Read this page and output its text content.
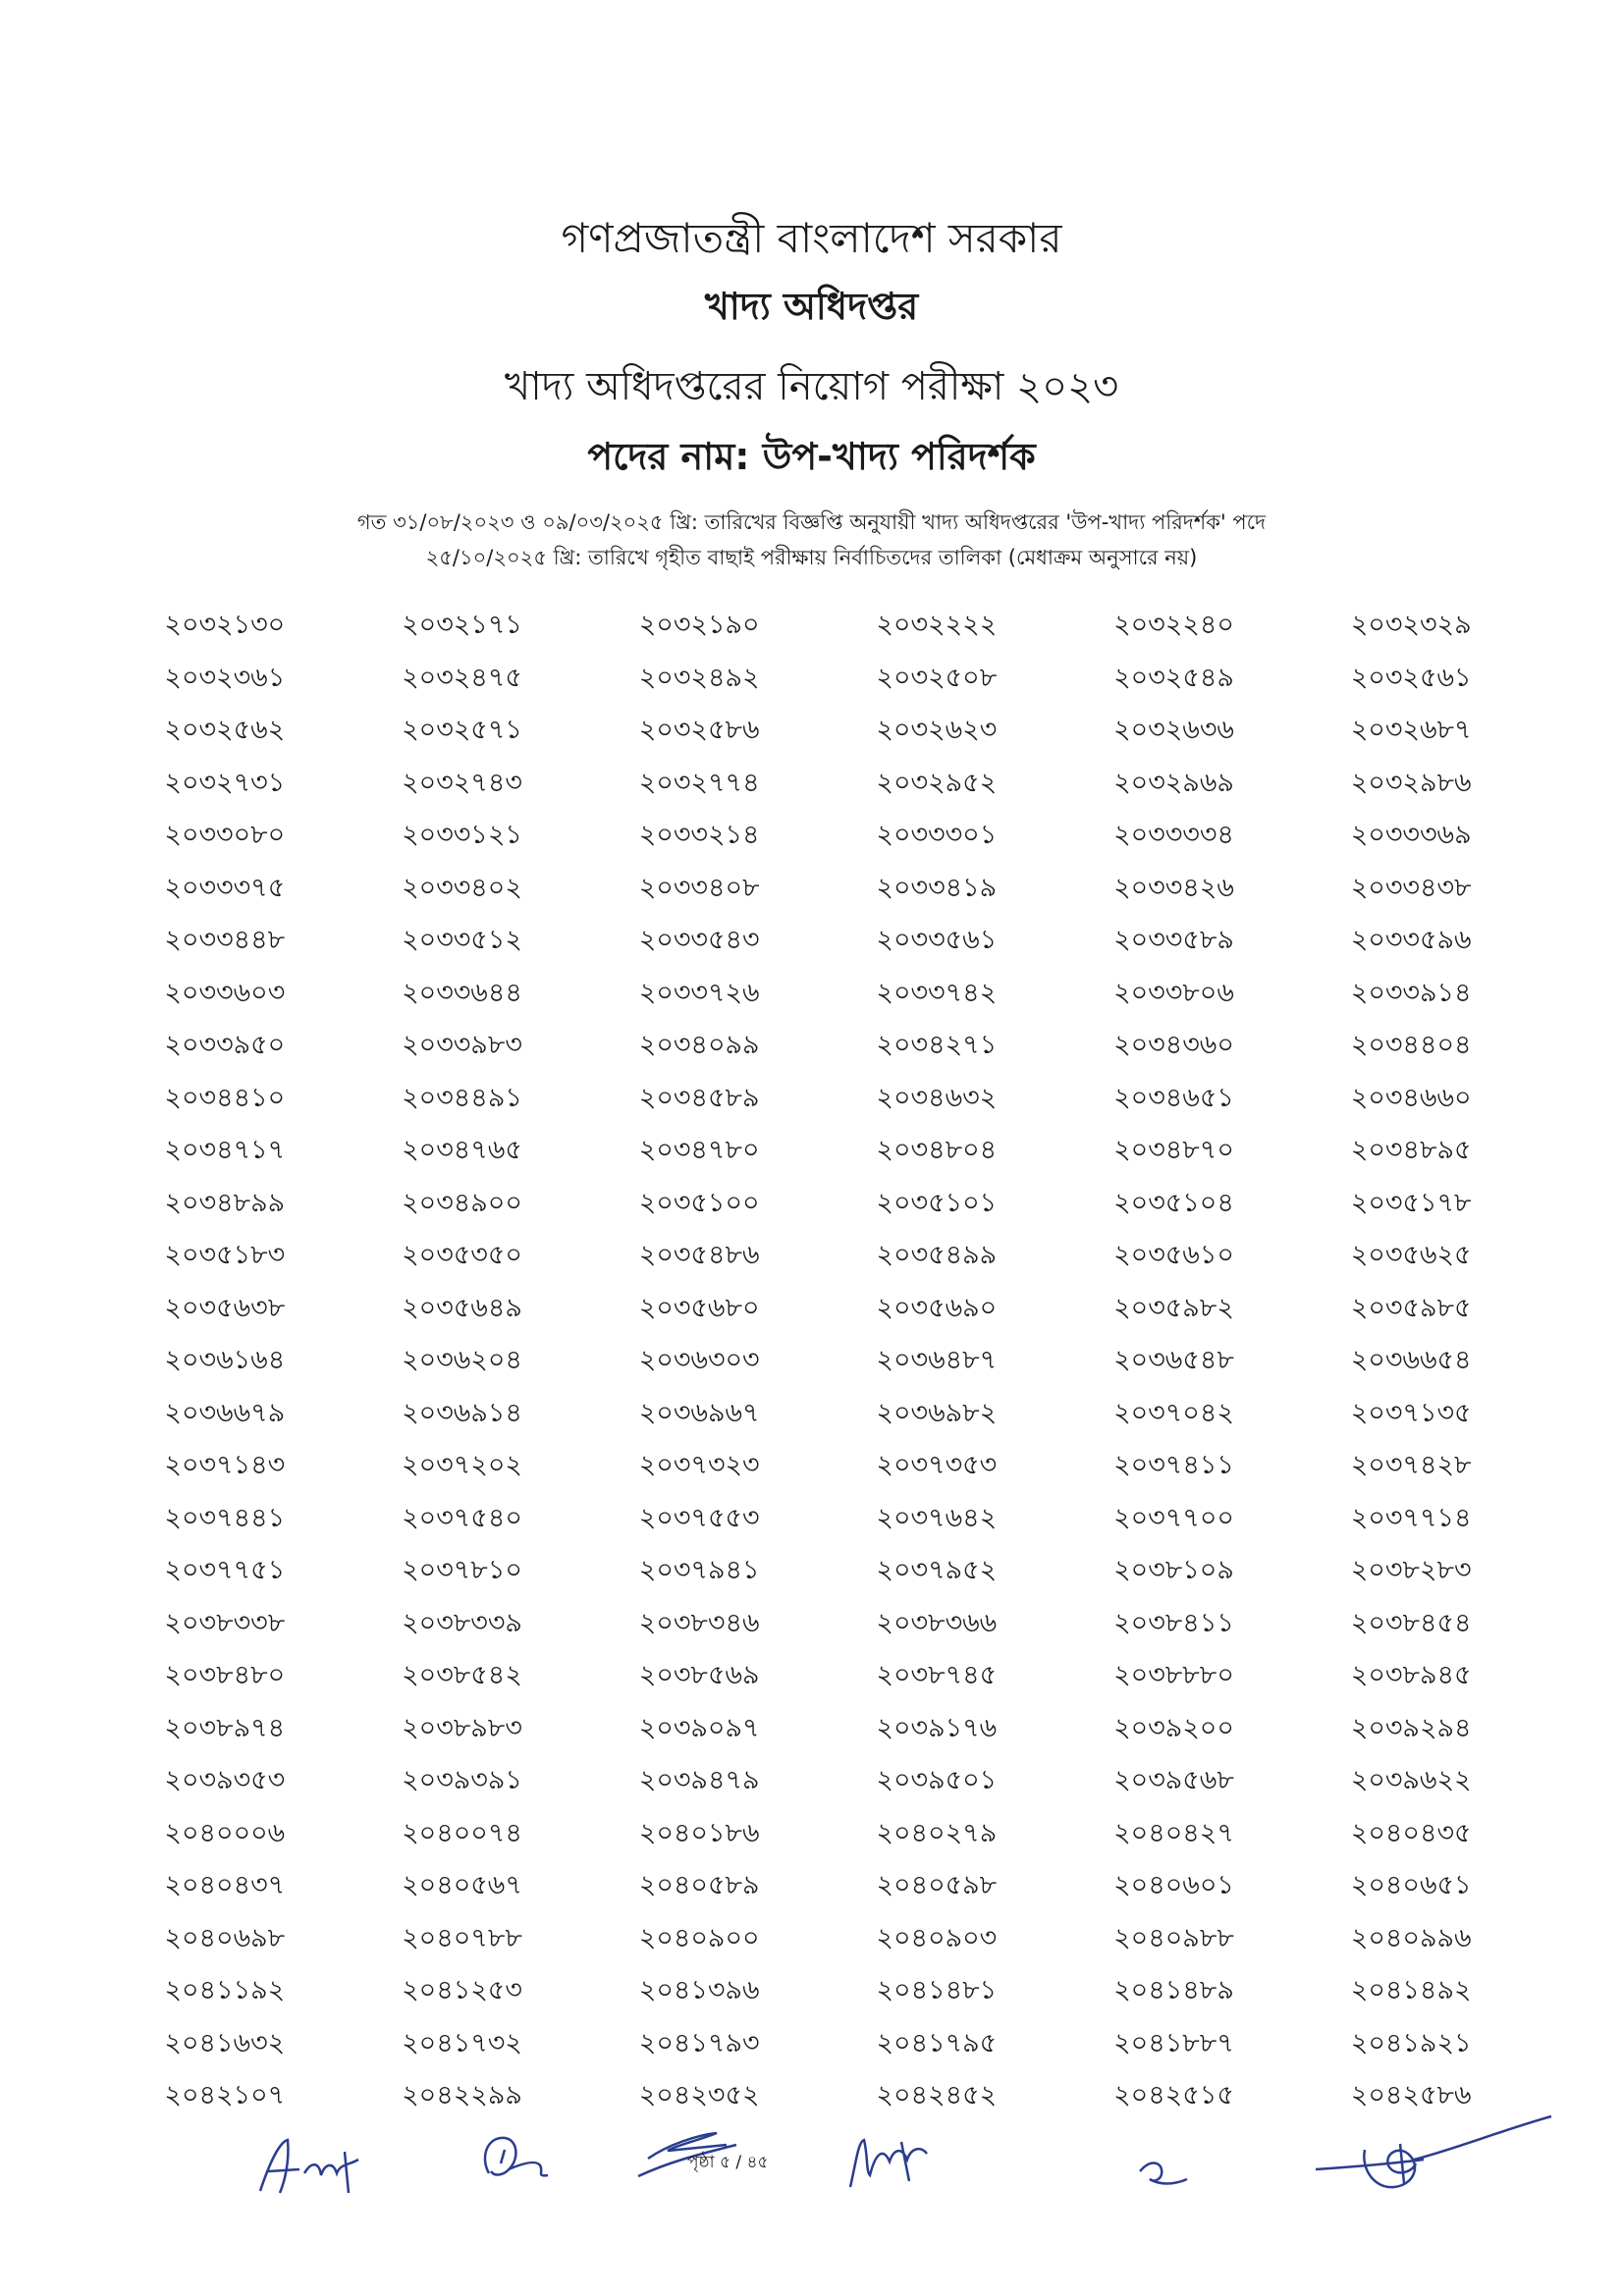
গণপ্রজাতন্ত্রী বাংলাদেশ সরকার
খাদ্য অধিদপ্তর
খাদ্য অধিদপ্তরের নিয়োগ পরীক্ষা ২০২৩
পদের নাম: উপ-খাদ্য পরিদর্শক
গত ৩১/০৮/২০২৩ ও ০৯/০৩/২০২৫ খ্রি: তারিখের বিজ্ঞপ্তি অনুযায়ী খাদ্য অধিদপ্তরের 'উপ-খাদ্য পরিদর্শক' পদে
২৫/১০/২০২৫ খ্রি: তারিখে গৃহীত বাছাই পরীক্ষায় নির্বাচিতদের তালিকা (মেধাক্রম অনুসারে নয়)
২০৩২১৩০	২০৩২১৭১	২০৩২১৯০	২০৩২২২২	২০৩২২৪০	২০৩২৩২৯
২০৩২৩৬১	২০৩২৪৭৫	২০৩২৪৯২	২০৩২৫০৮	২০৩২৫৪৯	২০৩২৫৬১
২০৩২৫৬২	২০৩২৫৭১	২০৩২৫৮৬	২০৩২৬২৩	২০৩২৬৩৬	২০৩২৬৮৭
২০৩২৭৩১	২০৩২৭৪৩	২০৩২৭৭৪	২০৩২৯৫২	২০৩২৯৬৯	২০৩২৯৮৬
২০৩৩০৮০	২০৩৩১২১	২০৩৩২১৪	২০৩৩৩০১	২০৩৩৩৩৪	২০৩৩৩৬৯
২০৩৩৩৭৫	২০৩৩৪০২	২০৩৩৪০৮	২০৩৩৪১৯	২০৩৩৪২৬	২০৩৩৪৩৮
২০৩৩৪৪৮	২০৩৩৫১২	২০৩৩৫৪৩	২০৩৩৫৬১	২০৩৩৫৮৯	২০৩৩৫৯৬
২০৩৩৬০৩	২০৩৩৬৪৪	২০৩৩৭২৬	২০৩৩৭৪২	২০৩৩৮০৬	২০৩৩৯১৪
২০৩৩৯৫০	২০৩৩৯৮৩	২০৩৪০৯৯	২০৩৪২৭১	২০৩৪৩৬০	২০৩৪৪০৪
২০৩৪৪১০	২০৩৪৪৯১	২০৩৪৫৮৯	২০৩৪৬৩২	২০৩৪৬৫১	২০৩৪৬৬০
২০৩৪৭১৭	২০৩৪৭৬৫	২০৩৪৭৮০	২০৩৪৮০৪	২০৩৪৮৭০	২০৩৪৮৯৫
২০৩৪৮৯৯	২০৩৪৯০০	২০৩৫১০০	২০৩৫১০১	২০৩৫১০৪	২০৩৫১৭৮
২০৩৫১৮৩	২০৩৫৩৫০	২০৩৫৪৮৬	২০৩৫৪৯৯	২০৩৫৬১০	২০৩৫৬২৫
২০৩৫৬৩৮	২০৩৫৬৪৯	২০৩৫৬৮০	২০৩৫৬৯০	২০৩৫৯৮২	২০৩৫৯৮৫
২০৩৬১৬৪	২০৩৬২০৪	২০৩৬৩০৩	২০৩৬৪৮৭	২০৩৬৫৪৮	২০৩৬৬৫৪
২০৩৬৬৭৯	২০৩৬৯১৪	২০৩৬৯৬৭	২০৩৬৯৮২	২০৩৭০৪২	২০৩৭১৩৫
২০৩৭১৪৩	২০৩৭২০২	২০৩৭৩২৩	২০৩৭৩৫৩	২০৩৭৪১১	২০৩৭৪২৮
২০৩৭৪৪১	২০৩৭৫৪০	২০৩৭৫৫৩	২০৩৭৬৪২	২০৩৭৭০০	২০৩৭৭১৪
২০৩৭৭৫১	২০৩৭৮১০	২০৩৭৯৪১	২০৩৭৯৫২	২০৩৮১০৯	২০৩৮২৮৩
২০৩৮৩৩৮	২০৩৮৩৩৯	২০৩৮৩৪৬	২০৩৮৩৬৬	২০৩৮৪১১	২০৩৮৪৫৪
২০৩৮৪৮০	২০৩৮৫৪২	২০৩৮৫৬৯	২০৩৮৭৪৫	২০৩৮৮৮০	২০৩৮৯৪৫
২০৩৮৯৭৪	২০৩৮৯৮৩	২০৩৯০৯৭	২০৩৯১৭৬	২০৩৯২০০	২০৩৯২৯৪
২০৩৯৩৫৩	২০৩৯৩৯১	২০৩৯৪৭৯	২০৩৯৫০১	২০৩৯৫৬৮	২০৩৯৬২২
২০৪০০০৬	২০৪০০৭৪	২০৪০১৮৬	২০৪০২৭৯	২০৪০৪২৭	২০৪০৪৩৫
২০৪০৪৩৭	২০৪০৫৬৭	২০৪০৫৮৯	২০৪০৫৯৮	২০৪০৬০১	২০৪০৬৫১
২০৪০৬৯৮	২০৪০৭৮৮	২০৪০৯০০	২০৪০৯০৩	২০৪০৯৮৮	২০৪০৯৯৬
২০৪১১৯২	২০৪১২৫৩	২০৪১৩৯৬	২০৪১৪৮১	২০৪১৪৮৯	২০৪১৪৯২
২০৪১৬৩২	২০৪১৭৩২	২০৪১৭৯৩	২০৪১৭৯৫	২০৪১৮৮৭	২০৪১৯২১
২০৪২১০৭	২০৪২২৯৯	২০৪২৩৫২	২০৪২৪৫২	২০৪২৫১৫	২০৪২৫৮৬
পৃষ্ঠা ৫ / ৪৫
